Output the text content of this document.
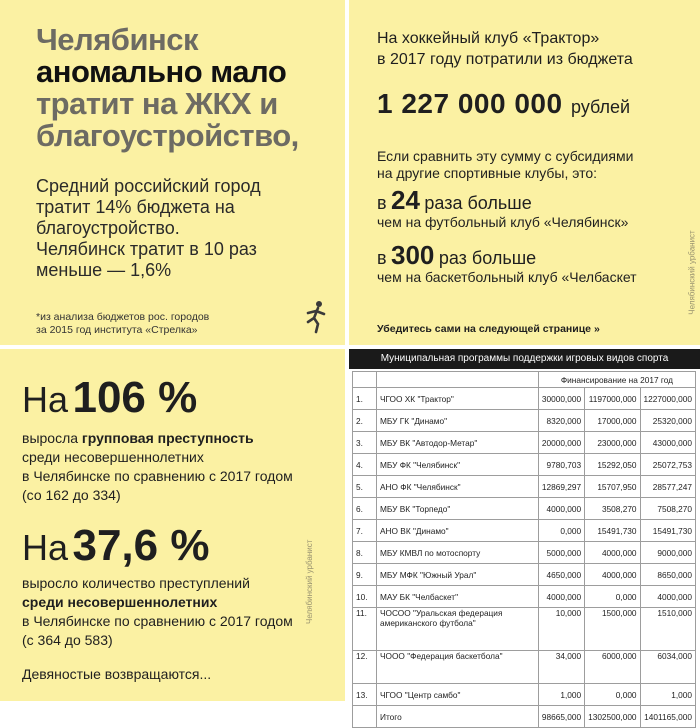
Челябинск
аномально мало
тратит на ЖКХ и
благоустройство,
Средний российский город
тратит 14% бюджета на
благоустройство.
Челябинск тратит в 10 раз
меньше — 1,6%
*из анализа бюджетов рос. городов
за 2015 год института «Стрелка»
На хоккейный клуб «Трактор»
в 2017 году потратили из бюджета
1 227 000 000 рублей
Если сравнить эту сумму с субсидиями
на другие спортивные клубы, это:
в 24 раза больше
чем на футбольный клуб «Челябинск»
в 300 раз больше
чем на баскетбольный клуб «Челбаскет
Убедитесь сами на следующей странице »
Челябинский урбанист
На 106 %
выросла групповая преступность
среди несовершеннолетних
в Челябинске по сравнению с 2017 годом
(со 162 до 334)
На 37,6 %
выросло количество преступлений
среди несовершеннолетних
в Челябинске по сравнению с 2017 годом
(с 364 до 583)
Девяностые возвращаются...
Челябинский урбанист
Муниципальная программы поддержки игровых видов спорта
		Финансирование на 2017 год		
1.	ЧГОО ХК "Трактор"	30000,000	1197000,000	1227000,000
2.	МБУ ГК "Динамо"	8320,000	17000,000	25320,000
3.	МБУ ВК "Автодор-Метар"	20000,000	23000,000	43000,000
4.	МБУ ФК "Челябинск"	9780,703	15292,050	25072,753
5.	АНО ФК "Челябинск"	12869,297	15707,950	28577,247
6.	МБУ ВК "Торпедо"	4000,000	3508,270	7508,270
7.	АНО ВК "Динамо"	0,000	15491,730	15491,730
8.	МБУ КМВЛ по мотоспорту	5000,000	4000,000	9000,000
9.	МБУ МФК "Южный Урал"	4650,000	4000,000	8650,000
10.	МАУ БК "Челбаскет"	4000,000	0,000	4000,000
11.	ЧОСОО "Уральская федерация американского футбола"	10,000	1500,000	1510,000
12.	ЧООО "Федерация баскетбола"	34,000	6000,000	6034,000
13.	ЧГОО "Центр самбо"	1,000	0,000	1,000
	Итого	98665,000	1302500,000	1401165,000
